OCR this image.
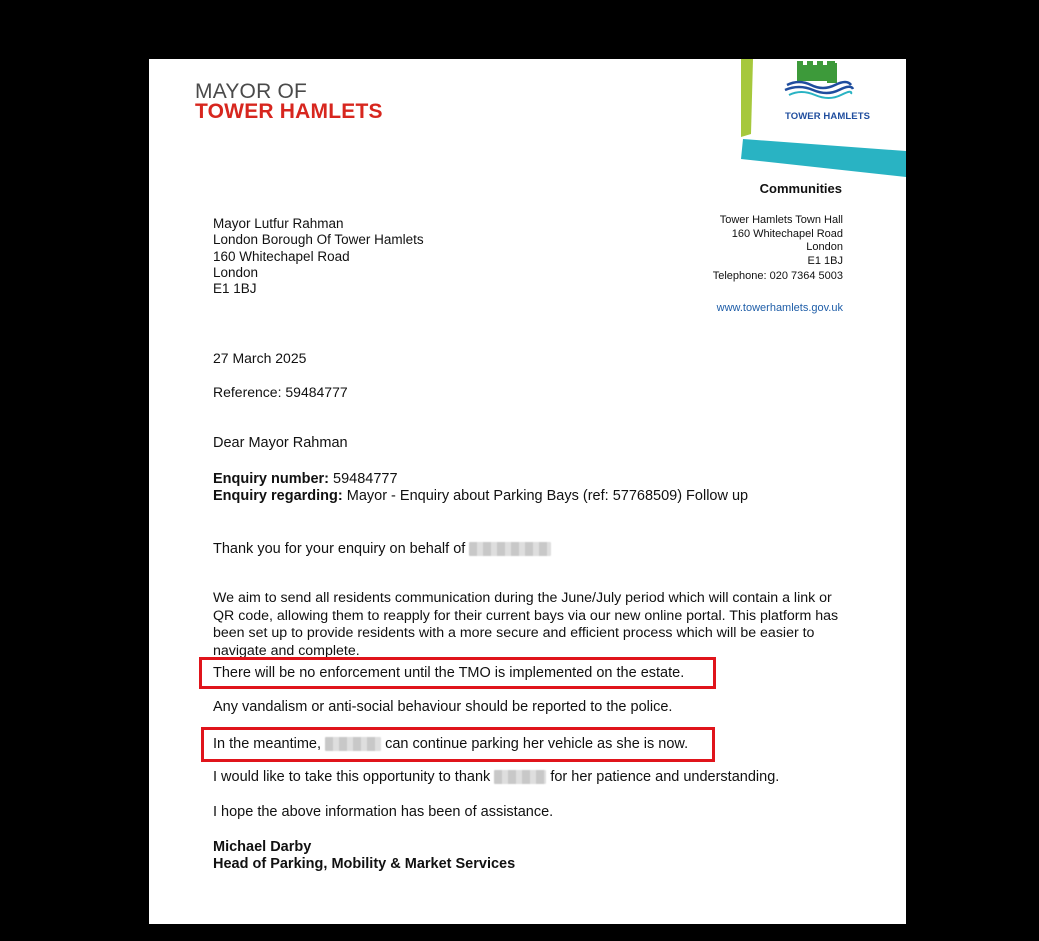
MAYOR OF
TOWER HAMLETS	TOWER HAMLETS

Communities

Tower Hamlets Town Hall
160 Whitechapel Road
London
E1 1BJ

Telephone: 020 7364 5003

www.towerhamlets.gov.uk

Mayor Lutfur Rahman
London Borough Of Tower Hamlets
160 Whitechapel Road
London
E1 1BJ

27 March 2025

Reference: 59484777

Dear Mayor Rahman

Enquiry number: 59484777

Enquiry regarding: Mayor - Enquiry about Parking Bays (ref: 57768509) Follow up

Thank you for your enquiry on behalf of

We aim to send all residents communication during the June/July period which will contain a link or QR code, allowing them to reapply for their current bays via our new online portal. This platform has been set up to provide residents with a more secure and efficient process which will be easier to navigate and complete.

There will be no enforcement until the TMO is implemented on the estate.

Any vandalism or anti-social behaviour should be reported to the police.

In the meantime,	can continue parking her vehicle as she is now.

I would like to take this opportunity to thank	for her patience and understanding.

I hope the above information has been of assistance.

Michael Darby

Head of Parking, Mobility & Market Services
